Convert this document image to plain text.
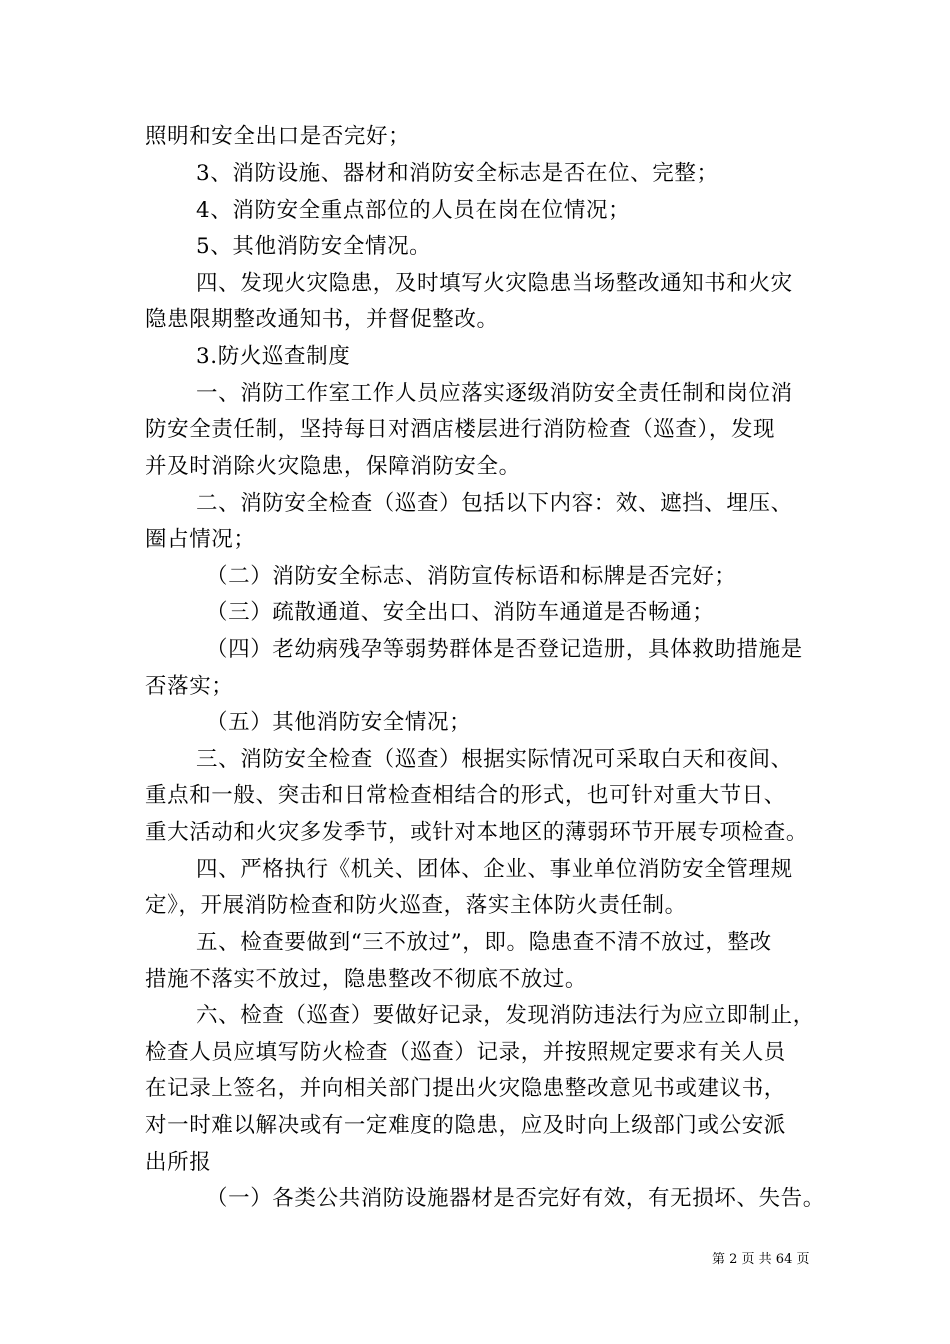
照明和安全出口是否完好；
3、消防设施、器材和消防安全标志是否在位、完整；
4、消防安全重点部位的人员在岗在位情况；
5、其他消防安全情况。
四、发现火灾隐患，及时填写火灾隐患当场整改通知书和火灾
隐患限期整改通知书，并督促整改。
3.防火巡查制度
一、消防工作室工作人员应落实逐级消防安全责任制和岗位消
防安全责任制，坚持每日对酒店楼层进行消防检查（巡查），发现
并及时消除火灾隐患，保障消防安全。
二、消防安全检查（巡查）包括以下内容：效、遮挡、埋压、
圈占情况；
（二）消防安全标志、消防宣传标语和标牌是否完好；
（三）疏散通道、安全出口、消防车通道是否畅通；
（四）老幼病残孕等弱势群体是否登记造册，具体救助措施是
否落实；
（五）其他消防安全情况；
三、消防安全检查（巡查）根据实际情况可采取白天和夜间、
重点和一般、突击和日常检查相结合的形式，也可针对重大节日、
重大活动和火灾多发季节，或针对本地区的薄弱环节开展专项检查。
四、严格执行《机关、团体、企业、事业单位消防安全管理规
定》，开展消防检查和防火巡查，落实主体防火责任制。
五、检查要做到“三不放过”，即。隐患查不清不放过，整改
措施不落实不放过，隐患整改不彻底不放过。
六、检查（巡查）要做好记录，发现消防违法行为应立即制止，
检查人员应填写防火检查（巡查）记录，并按照规定要求有关人员
在记录上签名，并向相关部门提出火灾隐患整改意见书或建议书，
对一时难以解决或有一定难度的隐患，应及时向上级部门或公安派
出所报
（一）各类公共消防设施器材是否完好有效，有无损坏、失告。
第 2 页 共 64 页
